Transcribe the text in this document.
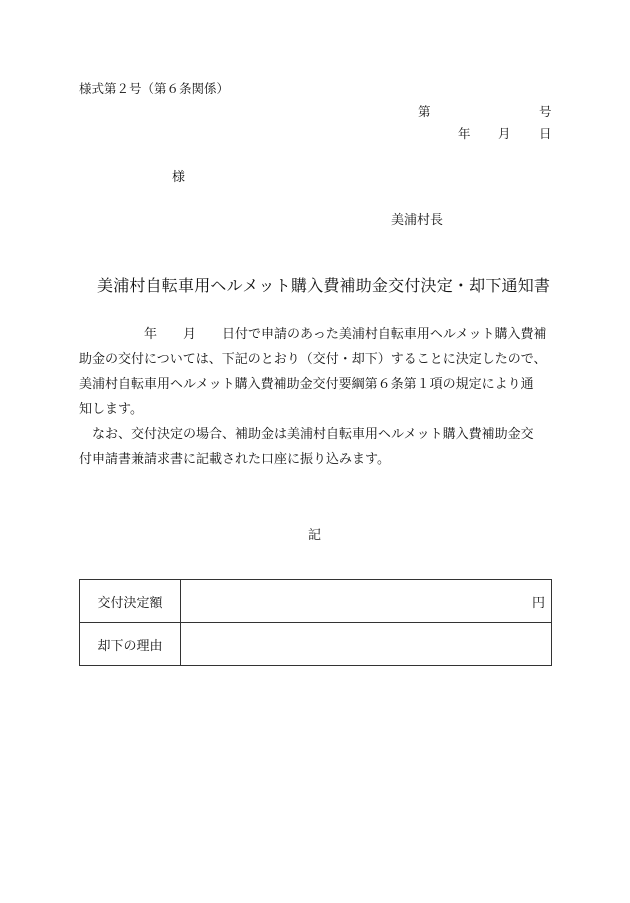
様式第２号（第６条関係）
第	号
年 月 日
様
美浦村長
美浦村自転車用ヘルメット購入費補助金交付決定・却下通知書

　　　　　年　　月　　日付で申請のあった美浦村自転車用ヘルメット購入費補

助金の交付については、下記のとおり（交付・却下）することに決定したので、

美浦村自転車用ヘルメット購入費補助金交付要綱第６条第１項の規定により通

知します。

　なお、交付決定の場合、補助金は美浦村自転車用ヘルメット購入費補助金交

付申請書兼請求書に記載された口座に振り込みます。

記
交付決定額	円
却下の理由	
